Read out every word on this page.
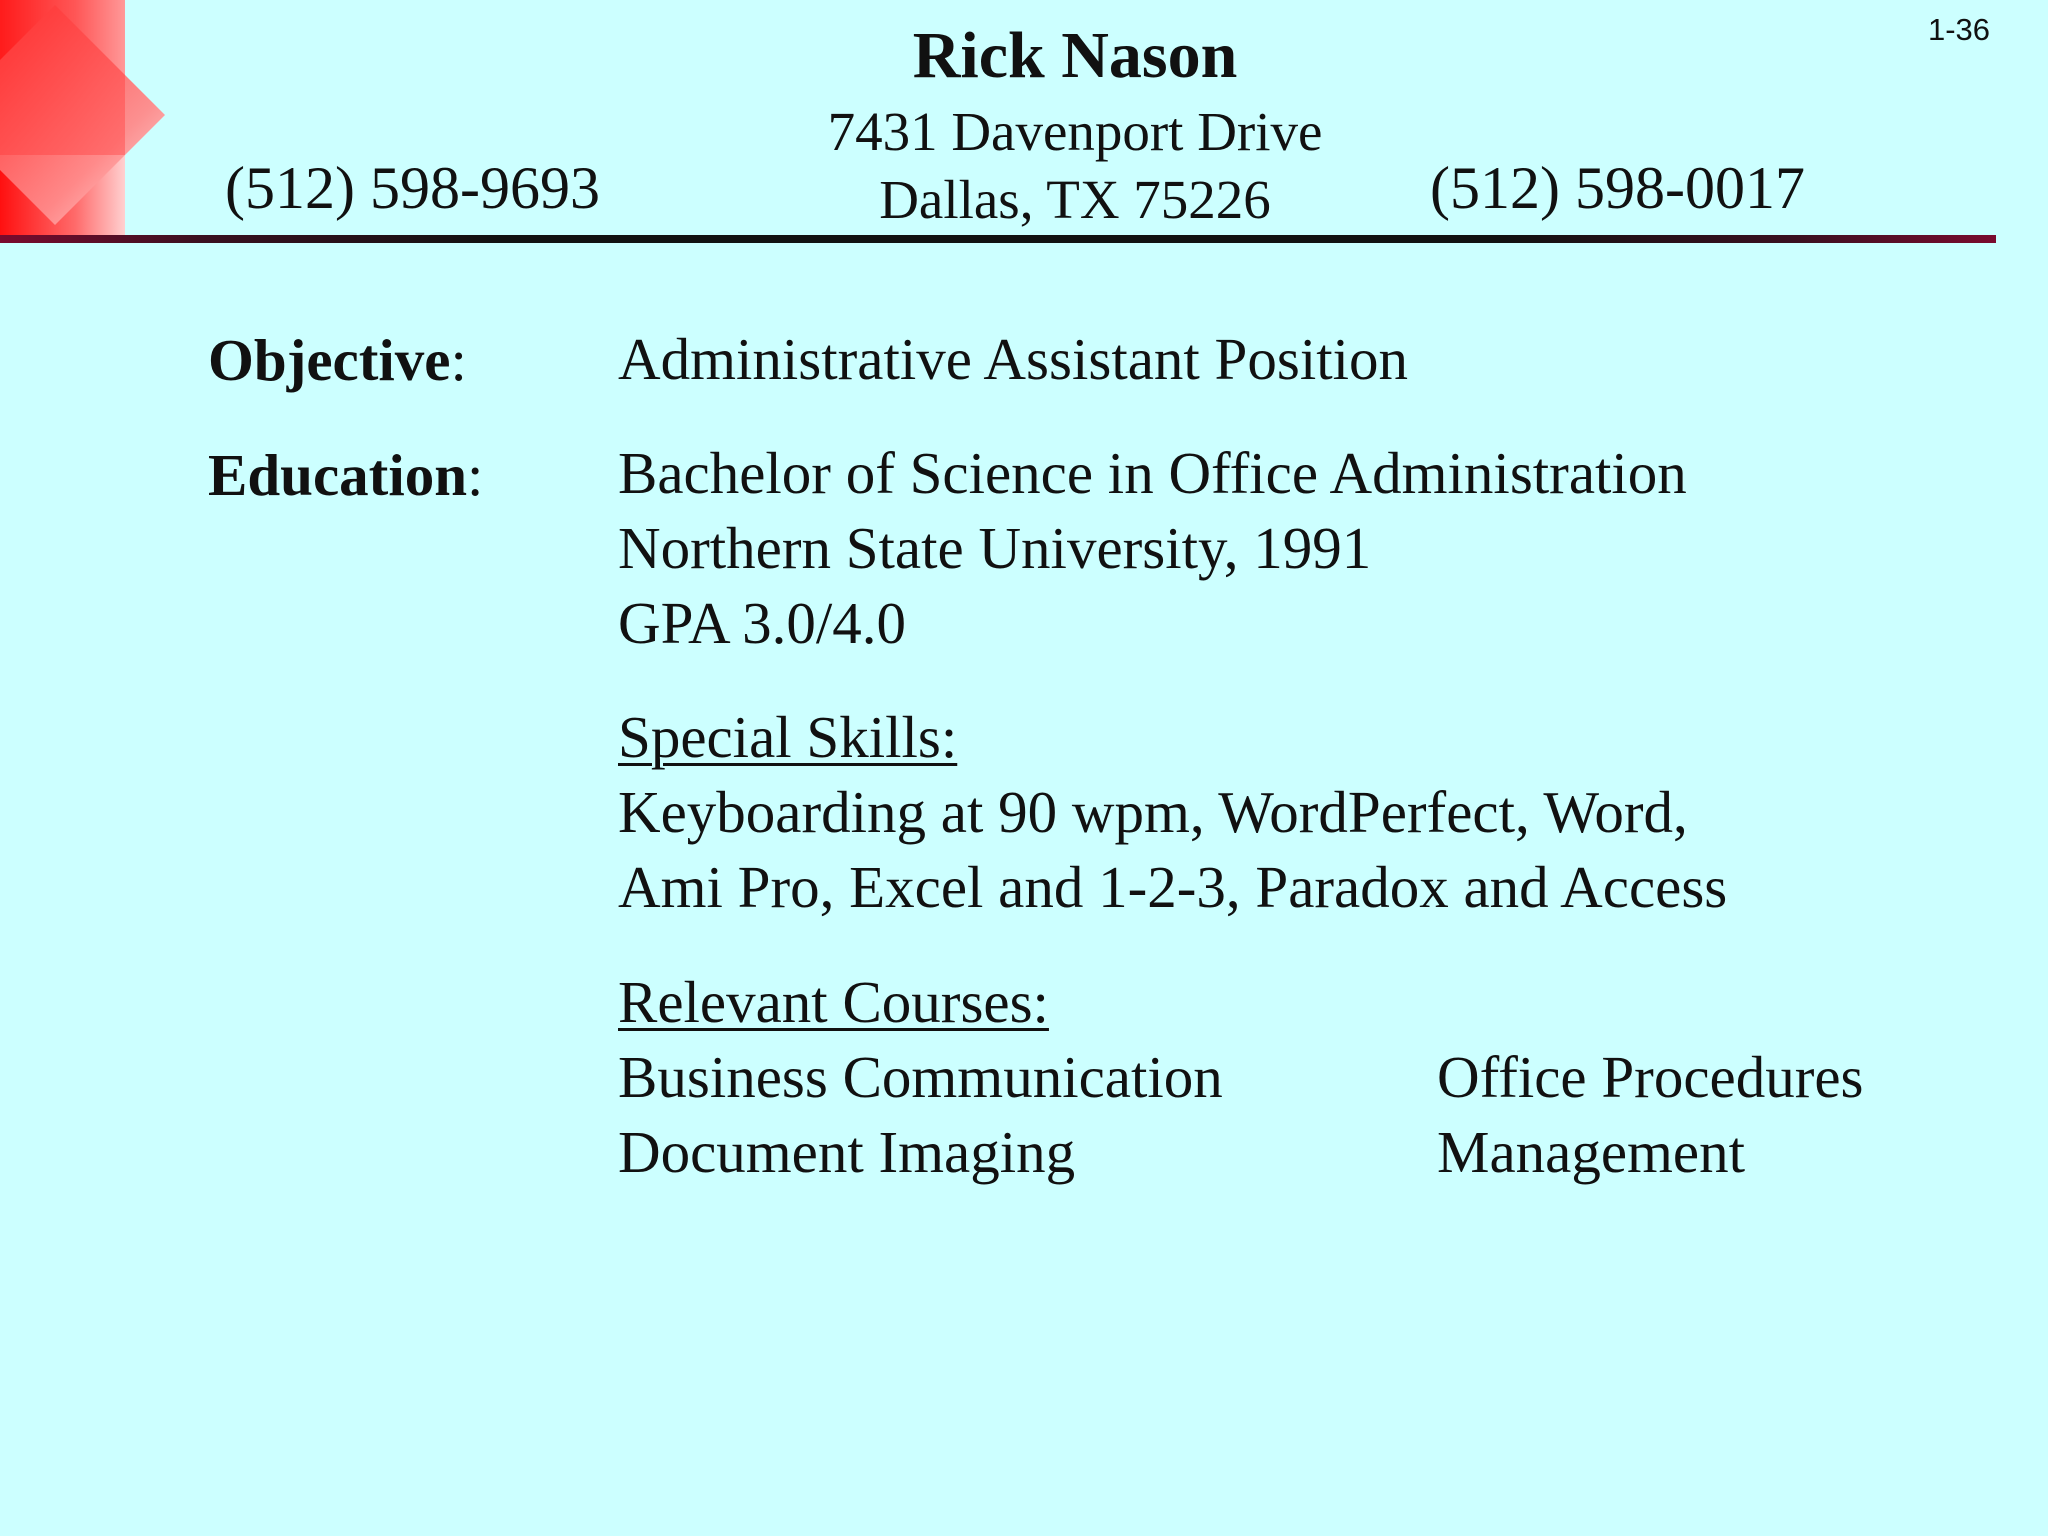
1-36
Rick Nason
7431 Davenport Drive
Dallas, TX 75226
(512) 598-9693	(512) 598-0017
Objective:	Administrative Assistant Position
Education: Bachelor of Science in Office Administration
Northern State University, 1991
GPA 3.0/4.0
Special Skills:
Keyboarding at 90 wpm, WordPerfect, Word,
Ami Pro, Excel and 1-2-3, Paradox and Access
Relevant Courses:
Business Communication	Office Procedures
Document Imaging	Management
